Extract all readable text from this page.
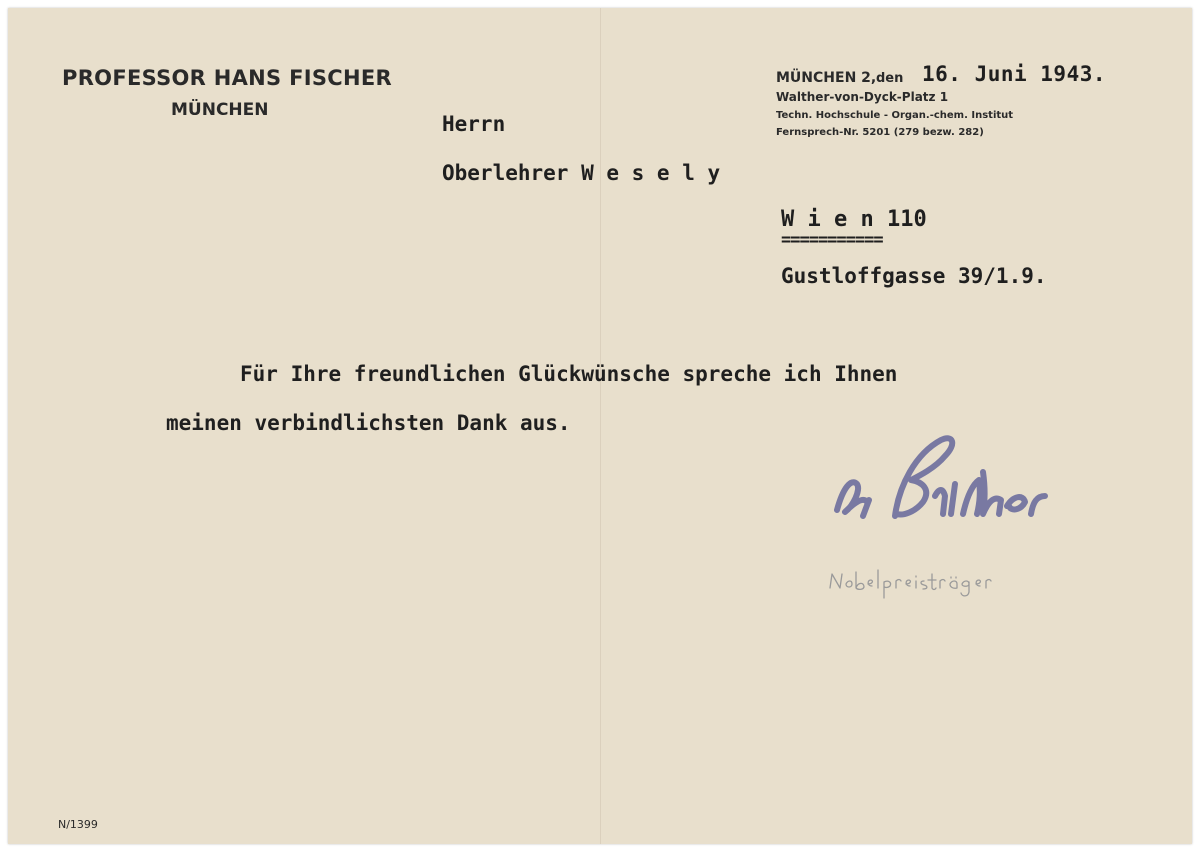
PROFESSOR HANS FISCHER
MÜNCHEN
MÜNCHEN 2, den 16. Juni 1943.
Walther-von-Dyck-Platz 1
Techn. Hochschule - Organ.-chem. Institut
Fernsprech-Nr. 5201 (279 bezw. 282)
Herrn
Oberlehrer W e s e l y
W i e n 110
===========
Gustloffgasse 39/1.9.
Für Ihre freundlichen Glückwünsche spreche ich Ihnen
meinen verbindlichsten Dank aus.
N/1399
